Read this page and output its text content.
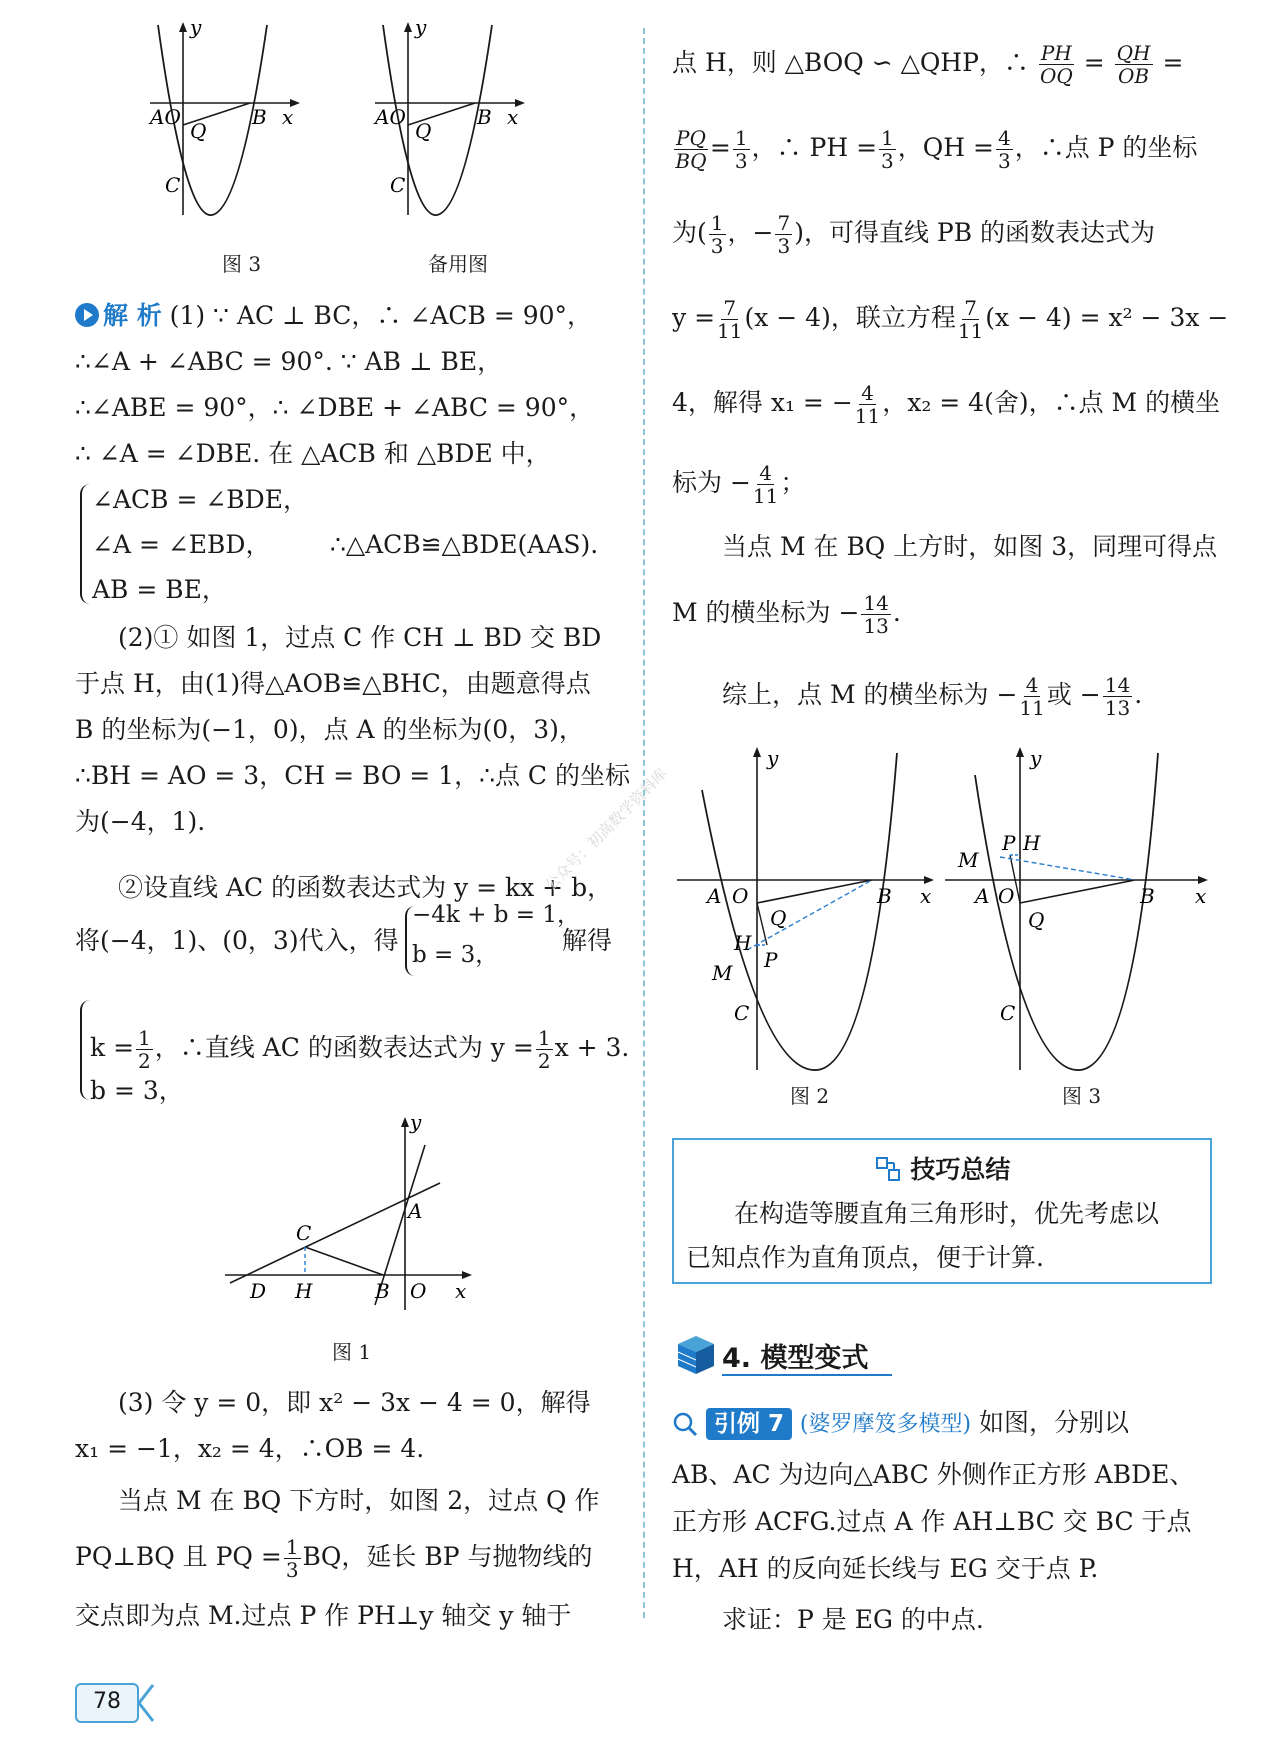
y
AO	B x
Q
C
图 3
y
AO	B x
Q
C
备用图
解 析 (1) ∵ AC ⊥ BC，∴ ∠ACB = 90°，
∴∠A + ∠ABC = 90°. ∵ AB ⊥ BE，
∴∠ABE = 90°，∴ ∠DBE + ∠ABC = 90°，
∴ ∠A = ∠DBE. 在 △ACB 和 △BDE 中，
∠ACB = ∠BDE，
∠A = ∠EBD， ∴△ACB≌△BDE(AAS).
AB = BE，
(2)① 如图 1，过点 C 作 CH ⊥ BD 交 BD
于点 H，由(1)得△AOB≌△BHC，由题意得点
B 的坐标为(−1，0)，点 A 的坐标为(0，3)，
∴BH = AO = 3，CH = BO = 1，∴点 C 的坐标
为(−4，1).
②设直线 AC 的函数表达式为 y = kx + b，
将(−4，1)、(0，3)代入，得
−4k + b = 1，
b = 3，	解得
$k = \frac{1}{2}$ ，∴直线 AC 的函数表达式为 $y = \frac{1}{2}$ x + 3.
b = 3，
y
A
C
D H	B O x
图 1
(3) 令 y = 0，即 x² − 3x − 4 = 0，解得
x₁ = −1，x₂ = 4，∴OB = 4.
当点 M 在 BQ 下方时，如图 2，过点 Q 作
PQ⊥BQ 且 PQ = $\frac{1}{3}$ BQ，延长 BP 与抛物线的
交点即为点 M.过点 P 作 PH⊥y 轴交 y 轴于
点 H，则 △BOQ ∽ △QHP，∴ $\frac{PH}{OQ} = \frac{QH}{OB}$ =
$\frac{PQ}{BQ} = \frac{1}{3}$ ，∴ PH = $\frac{1}{3}$ ，QH = $\frac{4}{3}$ ，∴点 P 的坐标
为( $\frac{1}{3}$ ，− $\frac{7}{3}$ )，可得直线 PB 的函数表达式为
$y = \frac{7}{11} (x - 4)$，联立方程 $\frac{7}{11} (x - 4) = x^2 - 3x$ −
4，解得 x₁ = − $\frac{4}{11}$ ，x₂ = 4(舍)，∴点 M 的横坐
标为 − $\frac{4}{11}$ ；
当点 M 在 BQ 上方时，如图 3，同理可得点
M 的横坐标为 − $\frac{14}{13}$ .
综上，点 M 的横坐标为 − $\frac{4}{11}$ 或 − $\frac{14}{13}$ .
y
A O	B x
Q
H
P
M
C
图 2
y
P H
M
A O	B x
Q
C
图 3
技巧总结
在构造等腰直角三角形时，优先考虑以
已知点作为直角顶点，便于计算.
4. 模型变式
引例 7 (婆罗摩笈多模型) 如图，分别以
AB、AC 为边向△ABC 外侧作正方形 ABDE、
正方形 ACFG.过点 A 作 AH⊥BC 交 BC 于点
H，AH 的反向延长线与 EG 交于点 P.
求证：P 是 EG 的中点.
公众号：初高数学资料库
78
